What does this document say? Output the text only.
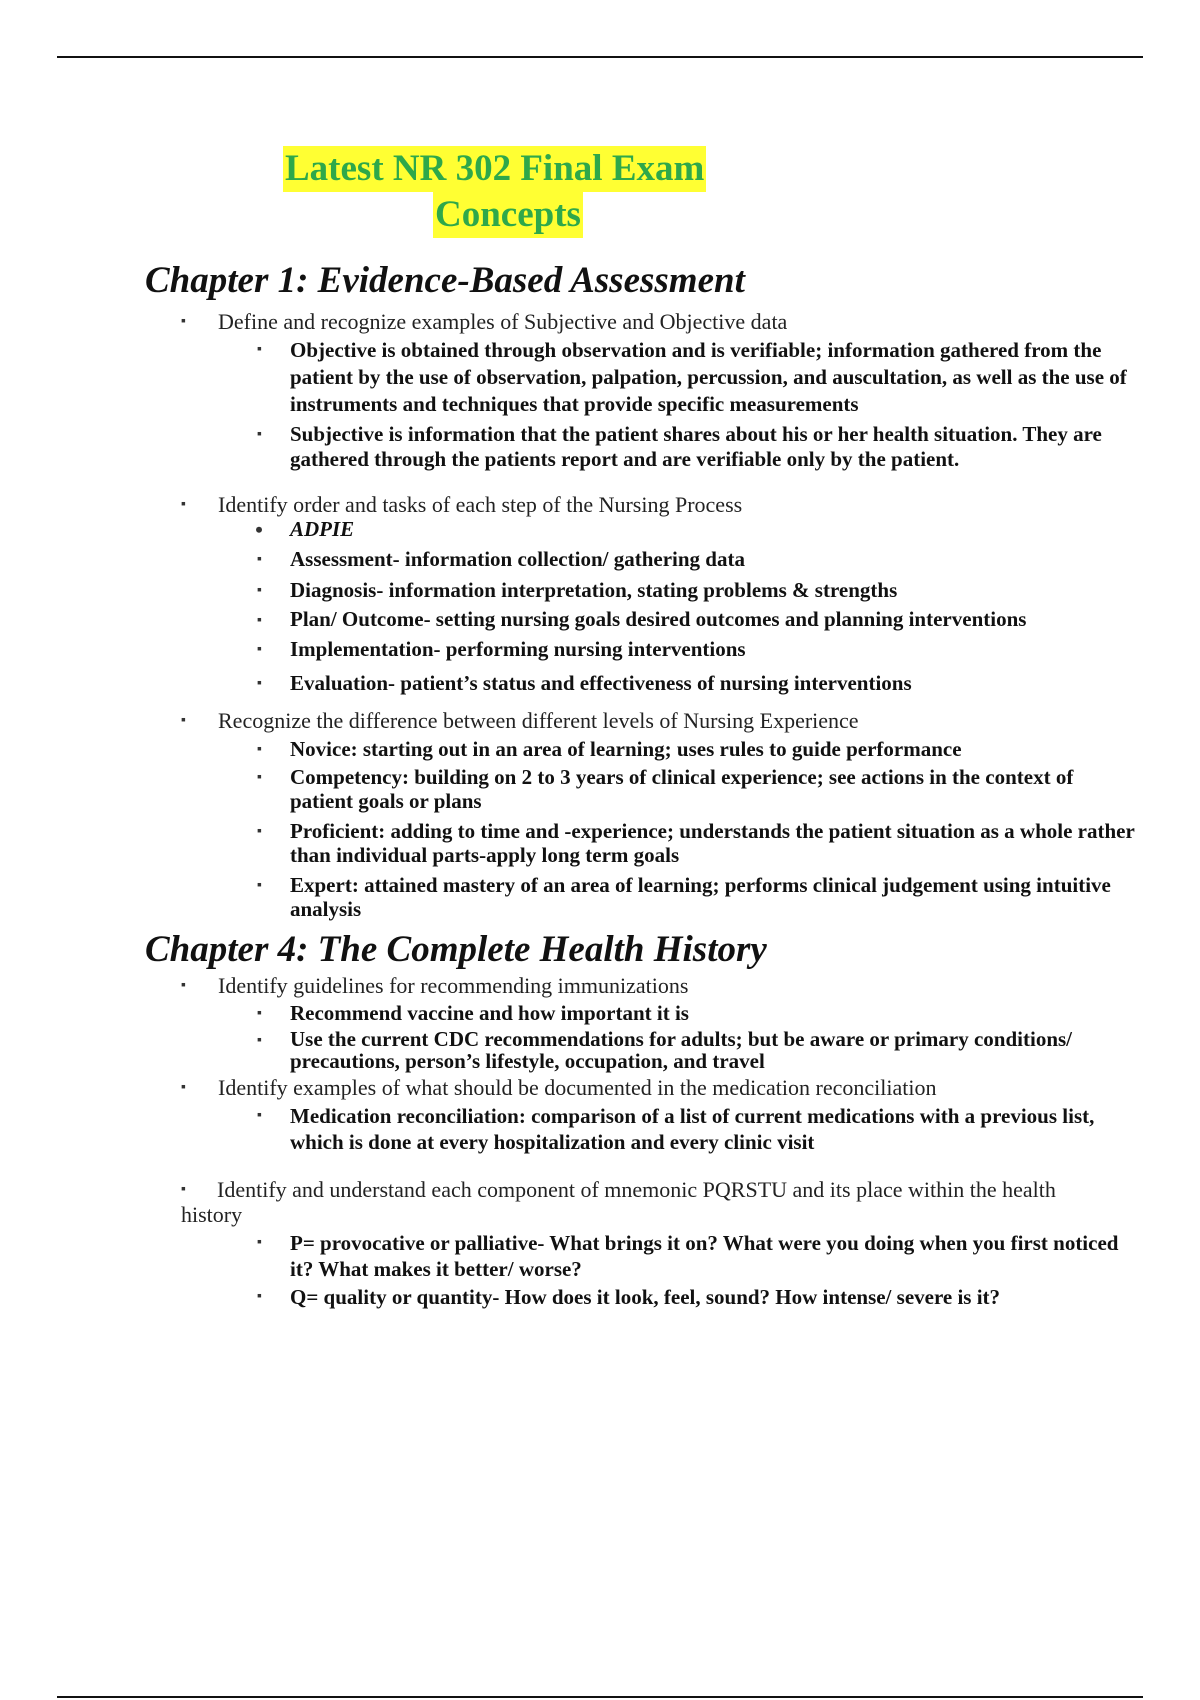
Latest NR 302 Final Exam
Concepts
Chapter 1: Evidence-Based Assessment
▪ Define and recognize examples of Subjective and Objective data
▪ Objective is obtained through observation and is verifiable; information gathered from the patient by the use of observation, palpation, percussion, and auscultation, as well as the use of instruments and techniques that provide specific measurements
▪ Subjective is information that the patient shares about his or her health situation. They are gathered through the patients report and are verifiable only by the patient.
▪ Identify order and tasks of each step of the Nursing Process
• ADPIE
▪ Assessment- information collection/ gathering data
▪ Diagnosis- information interpretation, stating problems & strengths
▪ Plan/ Outcome- setting nursing goals desired outcomes and planning interventions
▪ Implementation- performing nursing interventions
▪ Evaluation- patient’s status and effectiveness of nursing interventions
▪ Recognize the difference between different levels of Nursing Experience
▪ Novice: starting out in an area of learning; uses rules to guide performance
▪ Competency: building on 2 to 3 years of clinical experience; see actions in the context of patient goals or plans
▪ Proficient: adding to time and -experience; understands the patient situation as a whole rather than individual parts-apply long term goals
▪ Expert: attained mastery of an area of learning; performs clinical judgement using intuitive analysis
Chapter 4: The Complete Health History
▪ Identify guidelines for recommending immunizations
▪ Recommend vaccine and how important it is
▪ Use the current CDC recommendations for adults; but be aware or primary conditions/ precautions, person’s lifestyle, occupation, and travel
▪ Identify examples of what should be documented in the medication reconciliation
▪ Medication reconciliation: comparison of a list of current medications with a previous list, which is done at every hospitalization and every clinic visit
▪ Identify and understand each component of mnemonic PQRSTU and its place within the health history
▪ P= provocative or palliative- What brings it on? What were you doing when you first noticed it? What makes it better/ worse?
▪ Q= quality or quantity- How does it look, feel, sound? How intense/ severe is it?
